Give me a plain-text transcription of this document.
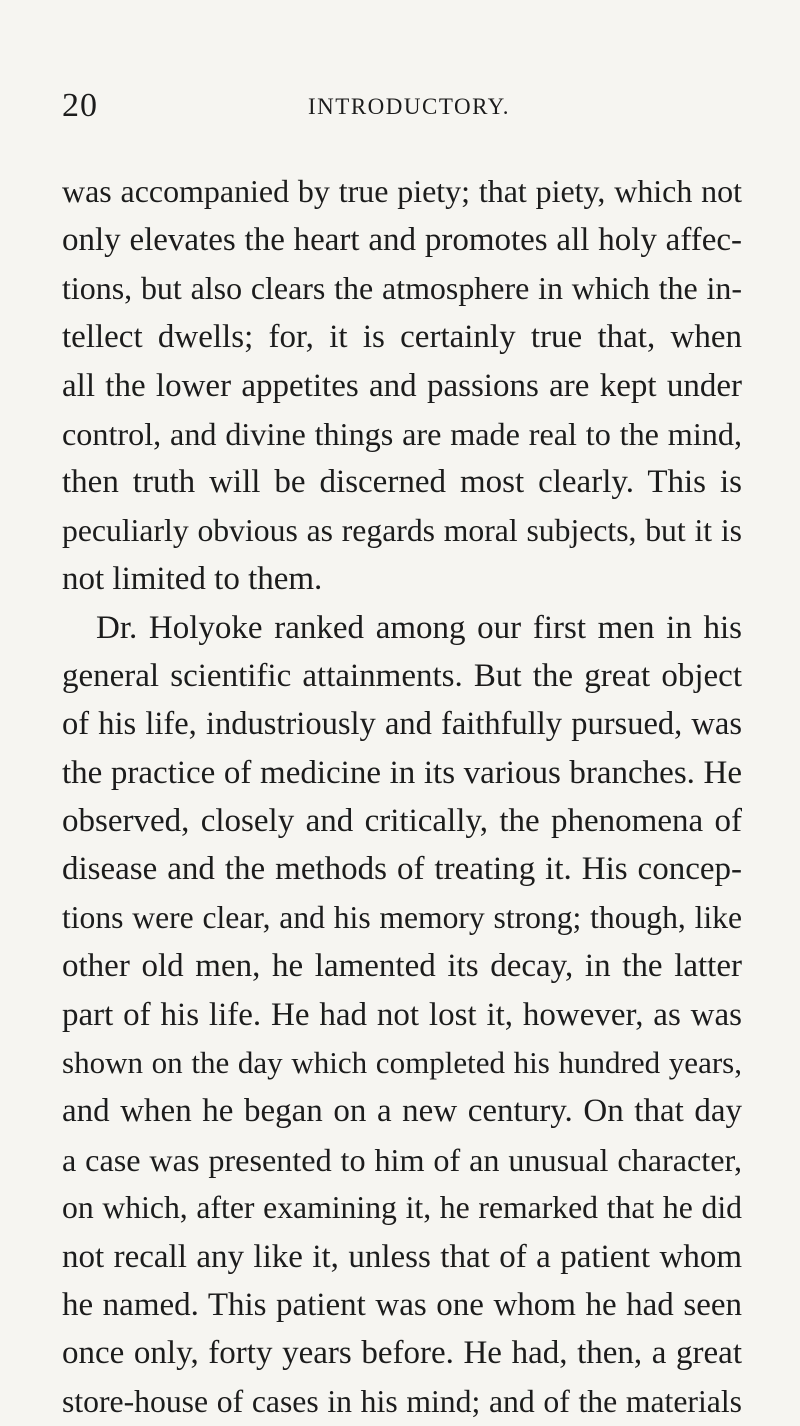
20	INTRODUCTORY.
was accompanied by true piety; that piety, which not
only elevates the heart and promotes all holy affec-
tions, but also clears the atmosphere in which the in-
tellect dwells; for, it is certainly true that, when
all the lower appetites and passions are kept under
control, and divine things are made real to the mind,
then truth will be discerned most clearly. This is
peculiarly obvious as regards moral subjects, but it is
not limited to them.
Dr. Holyoke ranked among our first men in his
general scientific attainments. But the great object
of his life, industriously and faithfully pursued, was
the practice of medicine in its various branches. He
observed, closely and critically, the phenomena of
disease and the methods of treating it. His concep-
tions were clear, and his memory strong; though, like
other old men, he lamented its decay, in the latter
part of his life. He had not lost it, however, as was
shown on the day which completed his hundred years,
and when he began on a new century. On that day
a case was presented to him of an unusual character,
on which, after examining it, he remarked that he did
not recall any like it, unless that of a patient whom
he named. This patient was one whom he had seen
once only, forty years before. He had, then, a great
store-house of cases in his mind; and of the materials
